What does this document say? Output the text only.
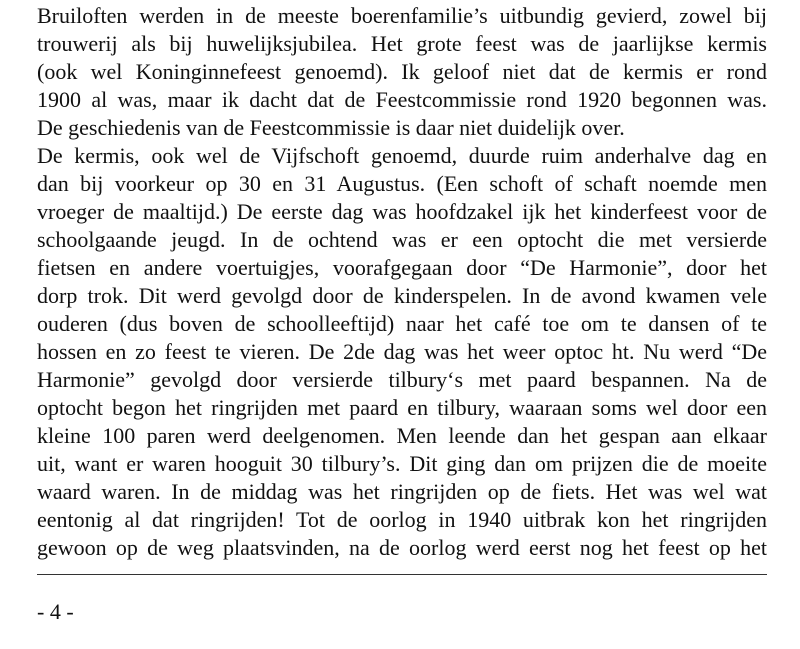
Bruiloften werden in de meeste boerenfamilie’s uitbundig gevierd, zowel bij
trouwerij als bij huwelijksjubilea. Het grote feest was de jaarlijkse kermis
(ook wel Koninginnefeest genoemd). Ik geloof niet dat de kermis er rond
1900 al was, maar ik dacht dat de Feestcommissie rond 1920 begonnen was.
De geschiedenis van de Feestcommissie is daar niet duidelijk over.
De kermis, ook wel de Vijfschoft genoemd, duurde ruim anderhalve dag en
dan bij voorkeur op 30 en 31 Augustus. (Een schoft of schaft noemde men
vroeger de maaltijd.) De eerste dag was hoofdzakel ijk het kinderfeest voor de
schoolgaande jeugd. In de ochtend was er een optocht die met versierde
fietsen en andere voertuigjes, voorafgegaan door “De Harmonie”, door het
dorp trok. Dit werd gevolgd door de kinderspelen. In de avond kwamen vele
ouderen (dus boven de schoolleeftijd) naar het café toe om te dansen of te
hossen en zo feest te vieren. De 2de dag was het weer optoc ht. Nu werd “De
Harmonie” gevolgd door versierde tilbury‘s met paard bespannen. Na de
optocht begon het ringrijden met paard en tilbury, waaraan soms wel door een
kleine 100 paren werd deelgenomen. Men leende dan het gespan aan elkaar
uit, want er waren hooguit 30 tilbury’s. Dit ging dan om prijzen die de moeite
waard waren. In de middag was het ringrijden op de fiets. Het was wel wat
eentonig al dat ringrijden! Tot de oorlog in 1940 uitbrak kon het ringrijden
gewoon op de weg plaatsvinden, na de oorlog werd eerst nog het feest op het
- 4 -
